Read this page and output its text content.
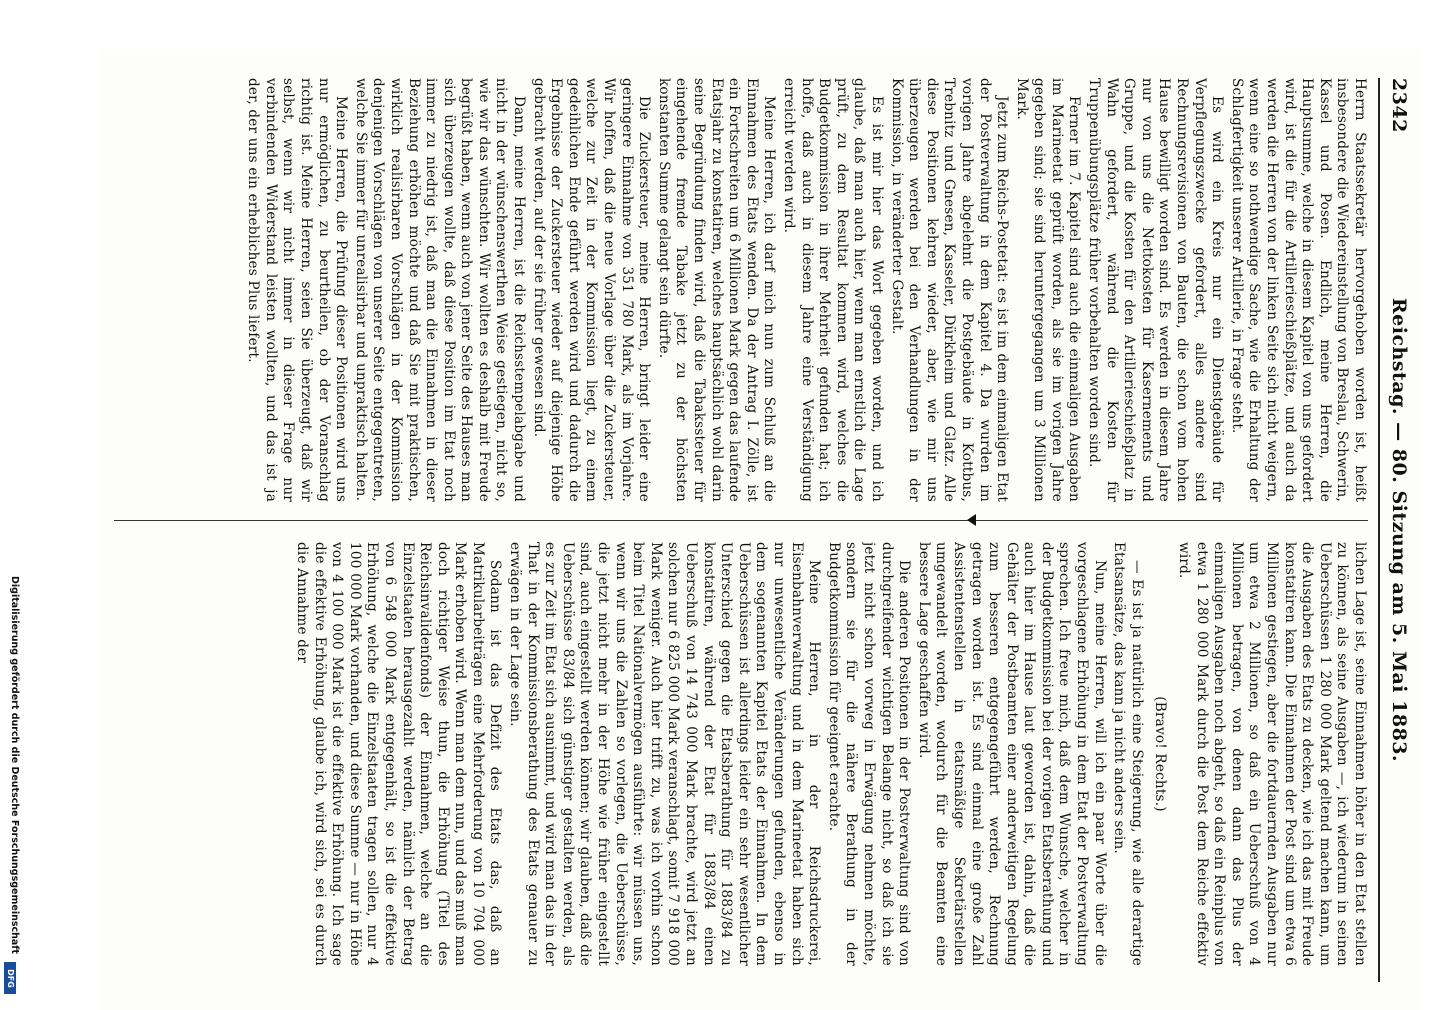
2342
Reichstag. — 80. Sitzung am 5. Mai 1883.

Herrn Staatssekretär hervorgehoben worden ist, heißt insbesondere die Wiedereinstellung von Breslau, Schwerin, Kassel und Posen. Endlich, meine Herren, die Hauptsumme, welche in diesem Kapitel von uns gefordert wird, ist die für die Artillerieschießplätze, und auch da werden die Herren von der linken Seite sich nicht weigern, wenn eine so nothwendige Sache, wie die Erhaltung der Schlagfertigkeit unserer Artillerie, in Frage steht.

Es wird ein Kreis nur ein Dienstgebäude für Verpflegungszwecke gefordert, alles andere sind Rechnungsrevisionen von Bauten, die schon vom hohen Hause bewilligt worden sind. Es werden in diesem Jahre nur von uns die Nettokosten für Kasernements und Gruppe, und die Kosten für den Artillerieschießplatz in Wahn gefordert, während die Kosten für Truppenübungsplätze früher vorbehalten worden sind.

Ferner im 7. Kapitel sind auch die einmaligen Ausgaben im Marineetat geprüft worden, als sie im vorigen Jahre gegeben sind; sie sind heruntergegangen um 3 Millionen Mark.

Jetzt zum Reichs-Postetat: es ist im dem einmaligen Etat der Postverwaltung in dem Kapitel 4. Da wurden im vorigen Jahre abgelehnt die Postgebäude in Kottbus, Trebnitz und Gnesen, Kasseler, Dürkheim und Glatz. Alle diese Positionen kehren wieder, aber, wie mir uns überzeugen werden bei den Verhandlungen in der Kommission, in veränderter Gestalt.

Es ist mir hier das Wort gegeben worden, und ich glaube, daß man auch hier, wenn man ernstlich die Lage prüft, zu dem Resultat kommen wird, welches die Budgetkommission in ihrer Mehrheit gefunden hat; ich hoffe, daß auch in diesem Jahre eine Verständigung erreicht werden wird.

Meine Herren, ich darf mich nun zum Schluß an die Einnahmen des Etats wenden. Da der Antrag I. Zölle, ist ein Fortschreiten um 6 Millionen Mark gegen das laufende Etatsjahr zu konstatiren, welches hauptsächlich wohl darin seine Begründung finden wird, daß die Tabakssteuer für eingehende fremde Tabake jetzt zu der höchsten konstanten Summe gelangt sein dürfte.

Die Zuckersteuer, meine Herren, bringt leider eine geringere Einnahme von 351 780 Mark, als im Vorjahre. Wir hoffen, daß die neue Vorlage über die Zuckersteuer, welche zur Zeit in der Kommission liegt, zu einem gedeihlichen Ende geführt werden wird und dadurch die Ergebnisse der Zuckersteuer wieder auf diejenige Höhe gebracht werden, auf der sie früher gewesen sind.

Dann, meine Herren, ist die Reichsstempelabgabe und nicht in der wünschenswerthen Weise gestiegen, nicht so, wie wir das wünschten. Wir wollten es deshalb mit Freude begrüßt haben, wenn auch von jener Seite des Hauses man sich überzeugen wollte, daß diese Position im Etat noch immer zu niedrig ist, daß man die Einnahmen in dieser Beziehung erhöhen möchte und daß Sie mit praktischen, wirklich realisirbaren Vorschlägen in der Kommission denjenigen Vorschlägen von unserer Seite entgegentreten, welche Sie immer für unrealisirbar und unpraktisch halten.

Meine Herren, die Prüfung dieser Positionen wird uns nur ermöglichen, zu beurtheilen, ob der Voranschlag richtig ist. Meine Herren, seien Sie überzeugt, daß wir selbst, wenn wir nicht immer in dieser Frage nur verbindenden Widerstand leisten wollten, und das ist ja der, der uns ein erhebliches Plus liefert.

lichen Lage ist, seine Einnahmen höher in den Etat stellen zu können, als seine Ausgaben —, ich wiederum in seinen Ueberschüssen 1 280 000 Mark geltend machen kann, um die Ausgaben des Etats zu decken, wie ich das mit Freude konstatiren kann. Die Einnahmen der Post sind um etwa 6 Millionen gestiegen, aber die fortdauernden Ausgaben nur um etwa 2 Millionen, so daß ein Ueberschuß von 4 Millionen betragen, von denen dann das Plus der einmaligen Ausgaben noch abgeht, so daß ein Reinplus von etwa 1 280 000 Mark durch die Post dem Reiche effektiv wird.

(Bravo! Rechts.)

— Es ist ja natürlich eine Steigerung, wie alle derartige Etatsansätze, das kann ja nicht anders sein.

Nun, meine Herren, will ich ein paar Worte über die vorgeschlagene Erhöhung in dem Etat der Postverwaltung sprechen. Ich freue mich, daß dem Wunsche, welcher in der Budgetkommission bei der vorigen Etatsberathung und auch hier im Hause laut geworden ist, dahin, daß die Gehälter der Postbeamten einer anderweitigen Regelung zum besseren entgegengeführt werden, Rechnung getragen worden ist. Es sind einmal eine große Zahl Assistentenstellen in etatsmäßige Sekretärstellen umgewandelt worden, wodurch für die Beamten eine bessere Lage geschaffen wird.

Die anderen Positionen in der Postverwaltung sind von durchgreifender wichtigen Belange nicht, so daß ich sie jetzt nicht schon vorweg in Erwägung nehmen möchte, sondern sie für die nähere Berathung in der Budgetkommission für geeignet erachte.

Meine Herren, in der Reichsdruckerei, Eisenbahnverwaltung und in dem Marineetat haben sich nur unwesentliche Veränderungen gefunden, ebenso in dem sogenannten Kapitel Etats der Einnahmen. In dem Ueberschüssen ist allerdings leider ein sehr wesentlicher Unterschied gegen die Etatsberathung für 1883/84 zu konstatiren, während der Etat für 1883/84 einen Ueberschuß von 14 743 000 Mark brachte, wird jetzt an solchen nur 6 825 000 Mark veranschlagt, somit 7 918 000 Mark weniger. Auch hier trifft zu, was ich vorhin schon beim Titel Nationalvermögen ausführte: wir müssen uns, wenn wir uns die Zahlen so vorlegen, die Ueberschüsse, die jetzt nicht mehr in der Höhe wie früher eingestellt sind, auch eingestellt werden können; wir glauben, daß die Ueberschüsse 83/84 sich günstiger gestalten werden, als es zur Zeit im Etat sich ausnimmt, und wird man das in der That in der Kommissionsberathung des Etats genauer zu erwägen in der Lage sein.

Sodann ist das Defizit des Etats das, daß an Matrikularbeiträgen eine Mehrforderung von 10 704 000 Mark erhoben wird. Wenn man dem nun, und das muß man doch richtiger Weise thun, die Erhöhung (Titel des Reichsinvalidenfonds) der Einnahmen, welche an die Einzelstaaten herausgezahlt werden, nämlich der Betrag von 6 548 000 Mark entgegenhält, so ist die effektive Erhöhung, welche die Einzelstaaten tragen sollen, nur 4 100 000 Mark vorhanden, und diese Summe — nur in Höhe von 4 100 000 Mark ist die effektive Erhöhung. Ich sage die effektive Erhöhung, glaube ich, wird sich, sei es durch die Annahme der

Digitalisierung gefördert durch die Deutsche Forschungsgemeinschaft
DFG
